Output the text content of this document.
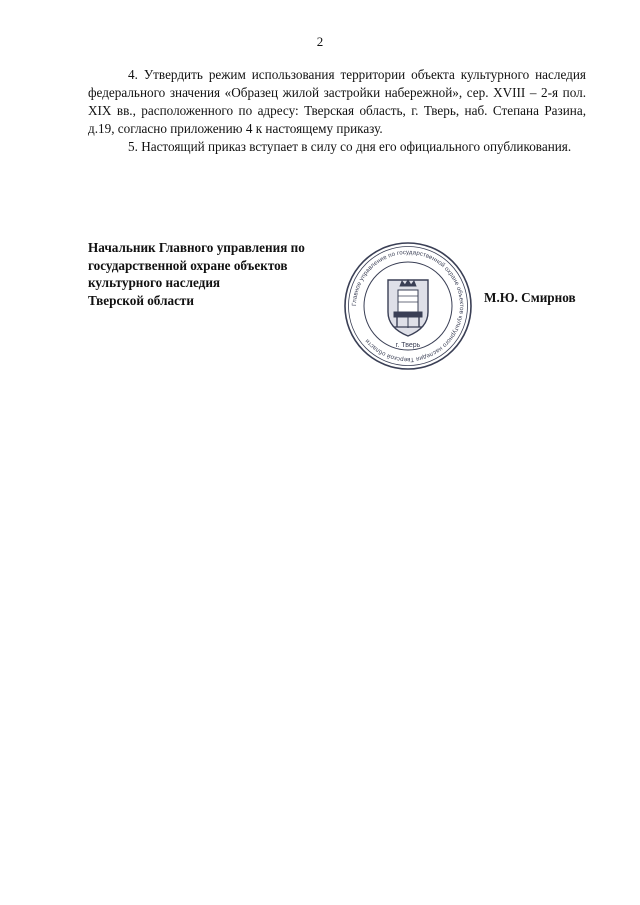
2

4. Утвердить режим использования территории объекта культурного наследия федерального значения «Образец жилой застройки набережной», сер. XVIII – 2-я пол. XIX вв., расположенного по адресу: Тверская область, г. Тверь, наб. Степана Разина, д.19, согласно приложению 4 к настоящему приказу.

5. Настоящий приказ вступает в силу со дня его официального опубликования.

Начальник Главного управления по
государственной охране объектов
культурного наследия
Тверской области	Главное управление по государственной охране объектов культурного наследия Тверской области
г. Тверь
М.Ю. Смирнов
